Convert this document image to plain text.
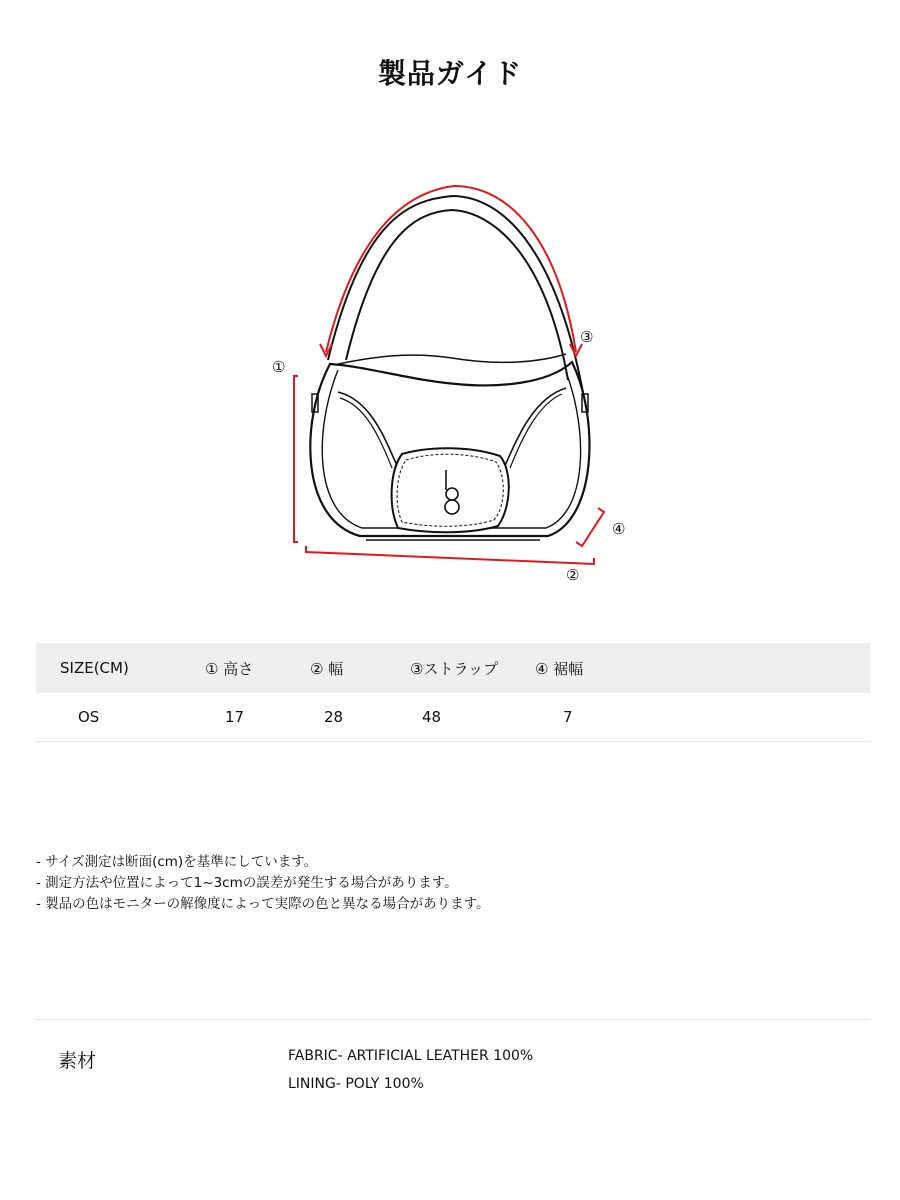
製品ガイド
①
②
③
④
SIZE(CM)	① 高さ	② 幅	③ストラップ	④ 裾幅
OS	17	28	48	7
- サイズ測定は断面(cm)を基準にしています。
- 測定方法や位置によって1~3cmの誤差が発生する場合があります。
- 製品の色はモニターの解像度によって実際の色と異なる場合があります。
素材	FABRIC- ARTIFICIAL LEATHER 100%
LINING- POLY 100%
